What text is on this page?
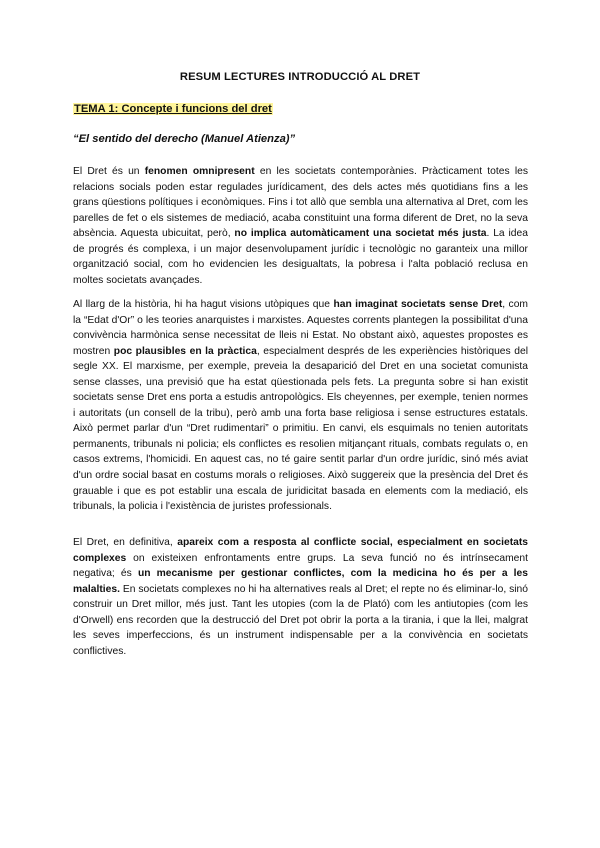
RESUM LECTURES INTRODUCCIÓ AL DRET
TEMA 1: Concepte i funcions del dret
“El sentido del derecho (Manuel Atienza)”

El Dret és un fenomen omnipresent en les societats contemporànies. Pràcticament totes les relacions socials poden estar regulades jurídicament, des dels actes més quotidians fins a les grans qüestions polítiques i econòmiques. Fins i tot allò que sembla una alternativa al Dret, com les parelles de fet o els sistemes de mediació, acaba constituint una forma diferent de Dret, no la seva absència. Aquesta ubicuitat, però, no implica automàticament una societat més justa. La idea de progrés és complexa, i un major desenvolupament jurídic i tecnològic no garanteix una millor organització social, com ho evidencien les desigualtats, la pobresa i l'alta població reclusa en moltes societats avançades.

Al llarg de la història, hi ha hagut visions utòpiques que han imaginat societats sense Dret, com la “Edat d'Or” o les teories anarquistes i marxistes. Aquestes corrents plantegen la possibilitat d'una convivència harmònica sense necessitat de lleis ni Estat. No obstant això, aquestes propostes es mostren poc plausibles en la pràctica, especialment després de les experiències històriques del segle XX. El marxisme, per exemple, preveia la desaparició del Dret en una societat comunista sense classes, una previsió que ha estat qüestionada pels fets. La pregunta sobre si han existit societats sense Dret ens porta a estudis antropològics. Els cheyennes, per exemple, tenien normes i autoritats (un consell de la tribu), però amb una forta base religiosa i sense estructures estatals. Això permet parlar d'un “Dret rudimentari” o primitiu. En canvi, els esquimals no tenien autoritats permanents, tribunals ni policia; els conflictes es resolien mitjançant rituals, combats regulats o, en casos extrems, l'homicidi. En aquest cas, no té gaire sentit parlar d'un ordre jurídic, sinó més aviat d'un ordre social basat en costums morals o religioses. Això suggereix que la presència del Dret és grauable i que es pot establir una escala de juridicitat basada en elements com la mediació, els tribunals, la policia i l'existència de juristes professionals.

El Dret, en definitiva, apareix com a resposta al conflicte social, especialment en societats complexes on existeixen enfrontaments entre grups. La seva funció no és intrínsecament negativa; és un mecanisme per gestionar conflictes, com la medicina ho és per a les malalties. En societats complexes no hi ha alternatives reals al Dret; el repte no és eliminar-lo, sinó construir un Dret millor, més just. Tant les utopies (com la de Plató) com les antiutopies (com les d'Orwell) ens recorden que la destrucció del Dret pot obrir la porta a la tirania, i que la llei, malgrat les seves imperfeccions, és un instrument indispensable per a la convivència en societats conflictives.
